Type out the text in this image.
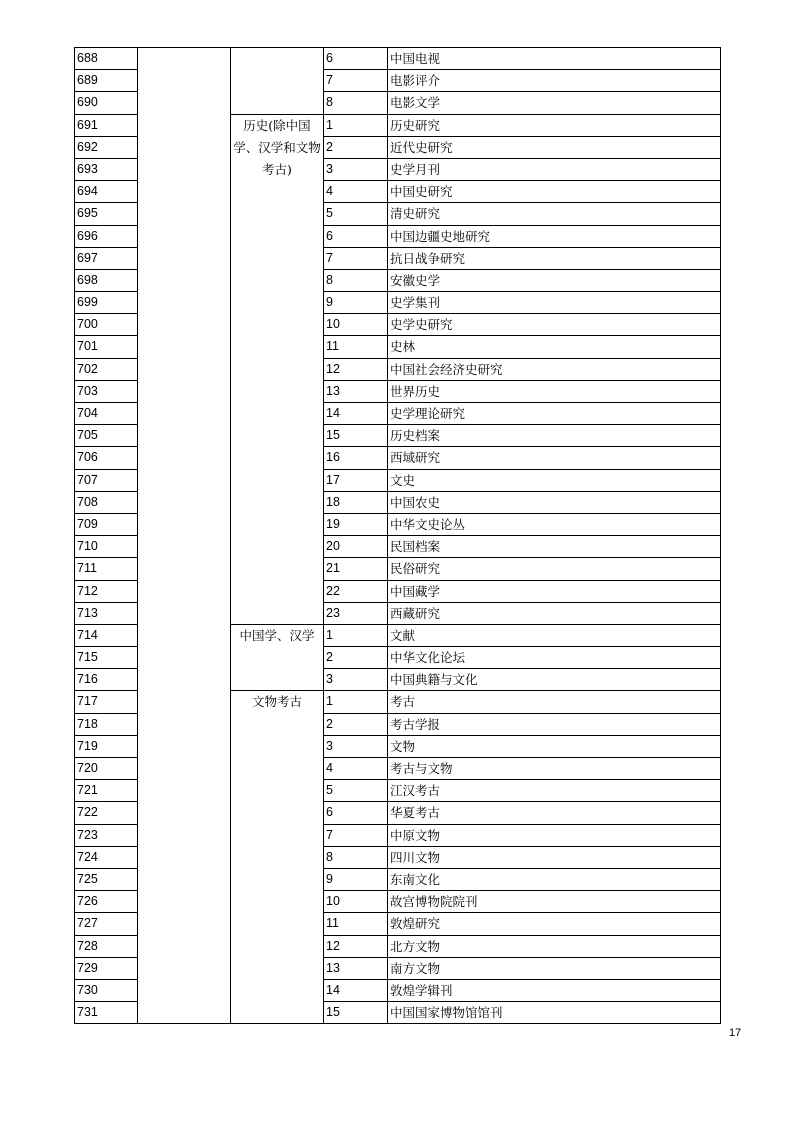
688			6	中国电视
689			7	电影评介
690			8	电影文学
691		历史(除中国学、汉学和文物考古)	1	历史研究
692			2	近代史研究
693			3	史学月刊
694			4	中国史研究
695			5	清史研究
696			6	中国边疆史地研究
697			7	抗日战争研究
698			8	安徽史学
699			9	史学集刊
700			10	史学史研究
701			11	史林
702			12	中国社会经济史研究
703			13	世界历史
704			14	史学理论研究
705			15	历史档案
706			16	西域研究
707			17	文史
708			18	中国农史
709			19	中华文史论丛
710			20	民国档案
711			21	民俗研究
712			22	中国藏学
713			23	西藏研究
714		中国学、汉学	1	文献
715			2	中华文化论坛
716			3	中国典籍与文化
717		文物考古	1	考古
718			2	考古学报
719			3	文物
720			4	考古与文物
721			5	江汉考古
722			6	华夏考古
723			7	中原文物
724			8	四川文物
725			9	东南文化
726			10	故宫博物院院刊
727			11	敦煌研究
728			12	北方文物
729			13	南方文物
730			14	敦煌学辑刊
731			15	中国国家博物馆馆刊
17
